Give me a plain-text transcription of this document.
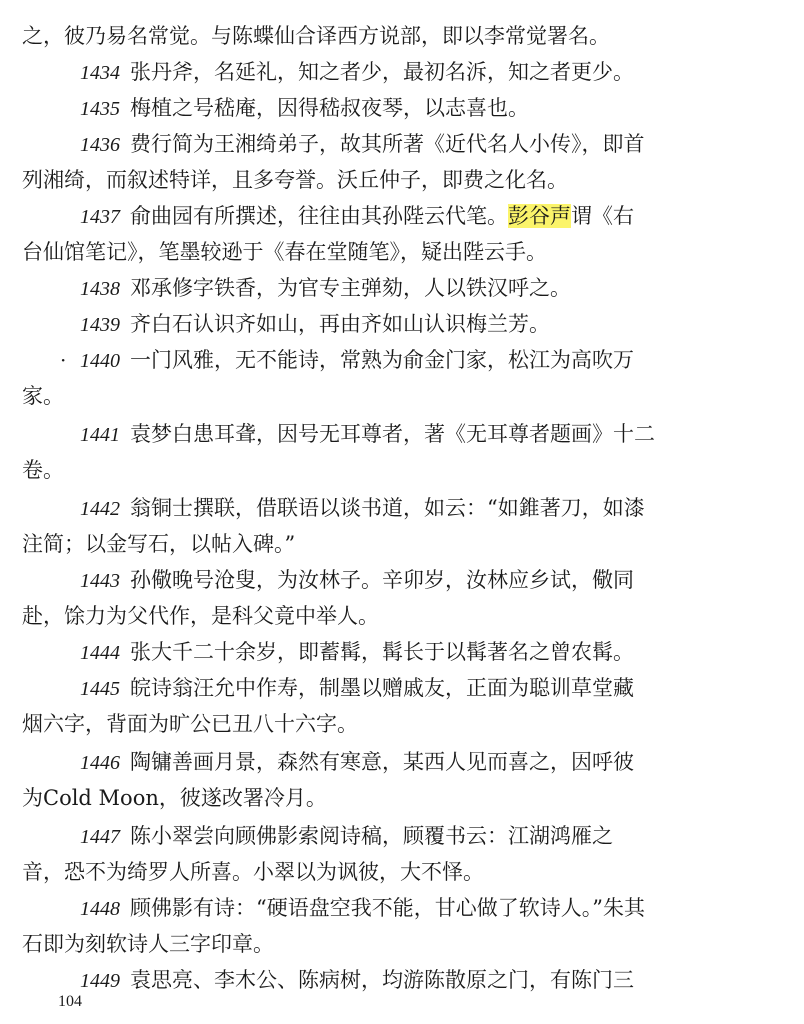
之，彼乃易名常觉。与陈蝶仙合译西方说部，即以李常觉署名。
1434 张丹斧，名延礼，知之者少，最初名泝，知之者更少。
1435 梅植之号嵇庵，因得嵇叔夜琴，以志喜也。
1436 费行简为王湘绮弟子，故其所著《近代名人小传》，即首
列湘绮，而叙述特详，且多夸誉。沃丘仲子，即费之化名。
1437 俞曲园有所撰述，往往由其孙陛云代笔。彭谷声谓《右
台仙馆笔记》，笔墨较逊于《春在堂随笔》，疑出陛云手。
1438 邓承修字铁香，为官专主弹劾，人以铁汉呼之。
1439 齐白石认识齐如山，再由齐如山认识梅兰芳。
· 1440 一门风雅，无不能诗，常熟为俞金门家，松江为高吹万
家。
1441 袁梦白患耳聋，因号无耳尊者，著《无耳尊者题画》十二
卷。
1442 翁铜士撰联，借联语以谈书道，如云：“如錐著刀，如漆
注简；以金写石，以帖入碑。”
1443 孙儆晚号沧叟，为汝林子。辛卯岁，汝林应乡试，儆同
赴，馀力为父代作，是科父竟中举人。
1444 张大千二十余岁，即蓄髯，髯长于以髯著名之曾农髯。
1445 皖诗翁汪允中作寿，制墨以赠戚友，正面为聪训草堂藏
烟六字，背面为旷公已丑八十六字。
1446 陶镛善画月景，森然有寒意，某西人见而喜之，因呼彼
为Cold Moon，彼遂改署冷月。
1447 陈小翠尝向顾佛影索阅诗稿，顾覆书云：江湖鸿雁之
音，恐不为绮罗人所喜。小翠以为讽彼，大不怿。
1448 顾佛影有诗：“硬语盘空我不能，甘心做了软诗人。”朱其
石即为刻软诗人三字印章。
1449 袁思亮、李木公、陈病树，均游陈散原之门，有陈门三
104
